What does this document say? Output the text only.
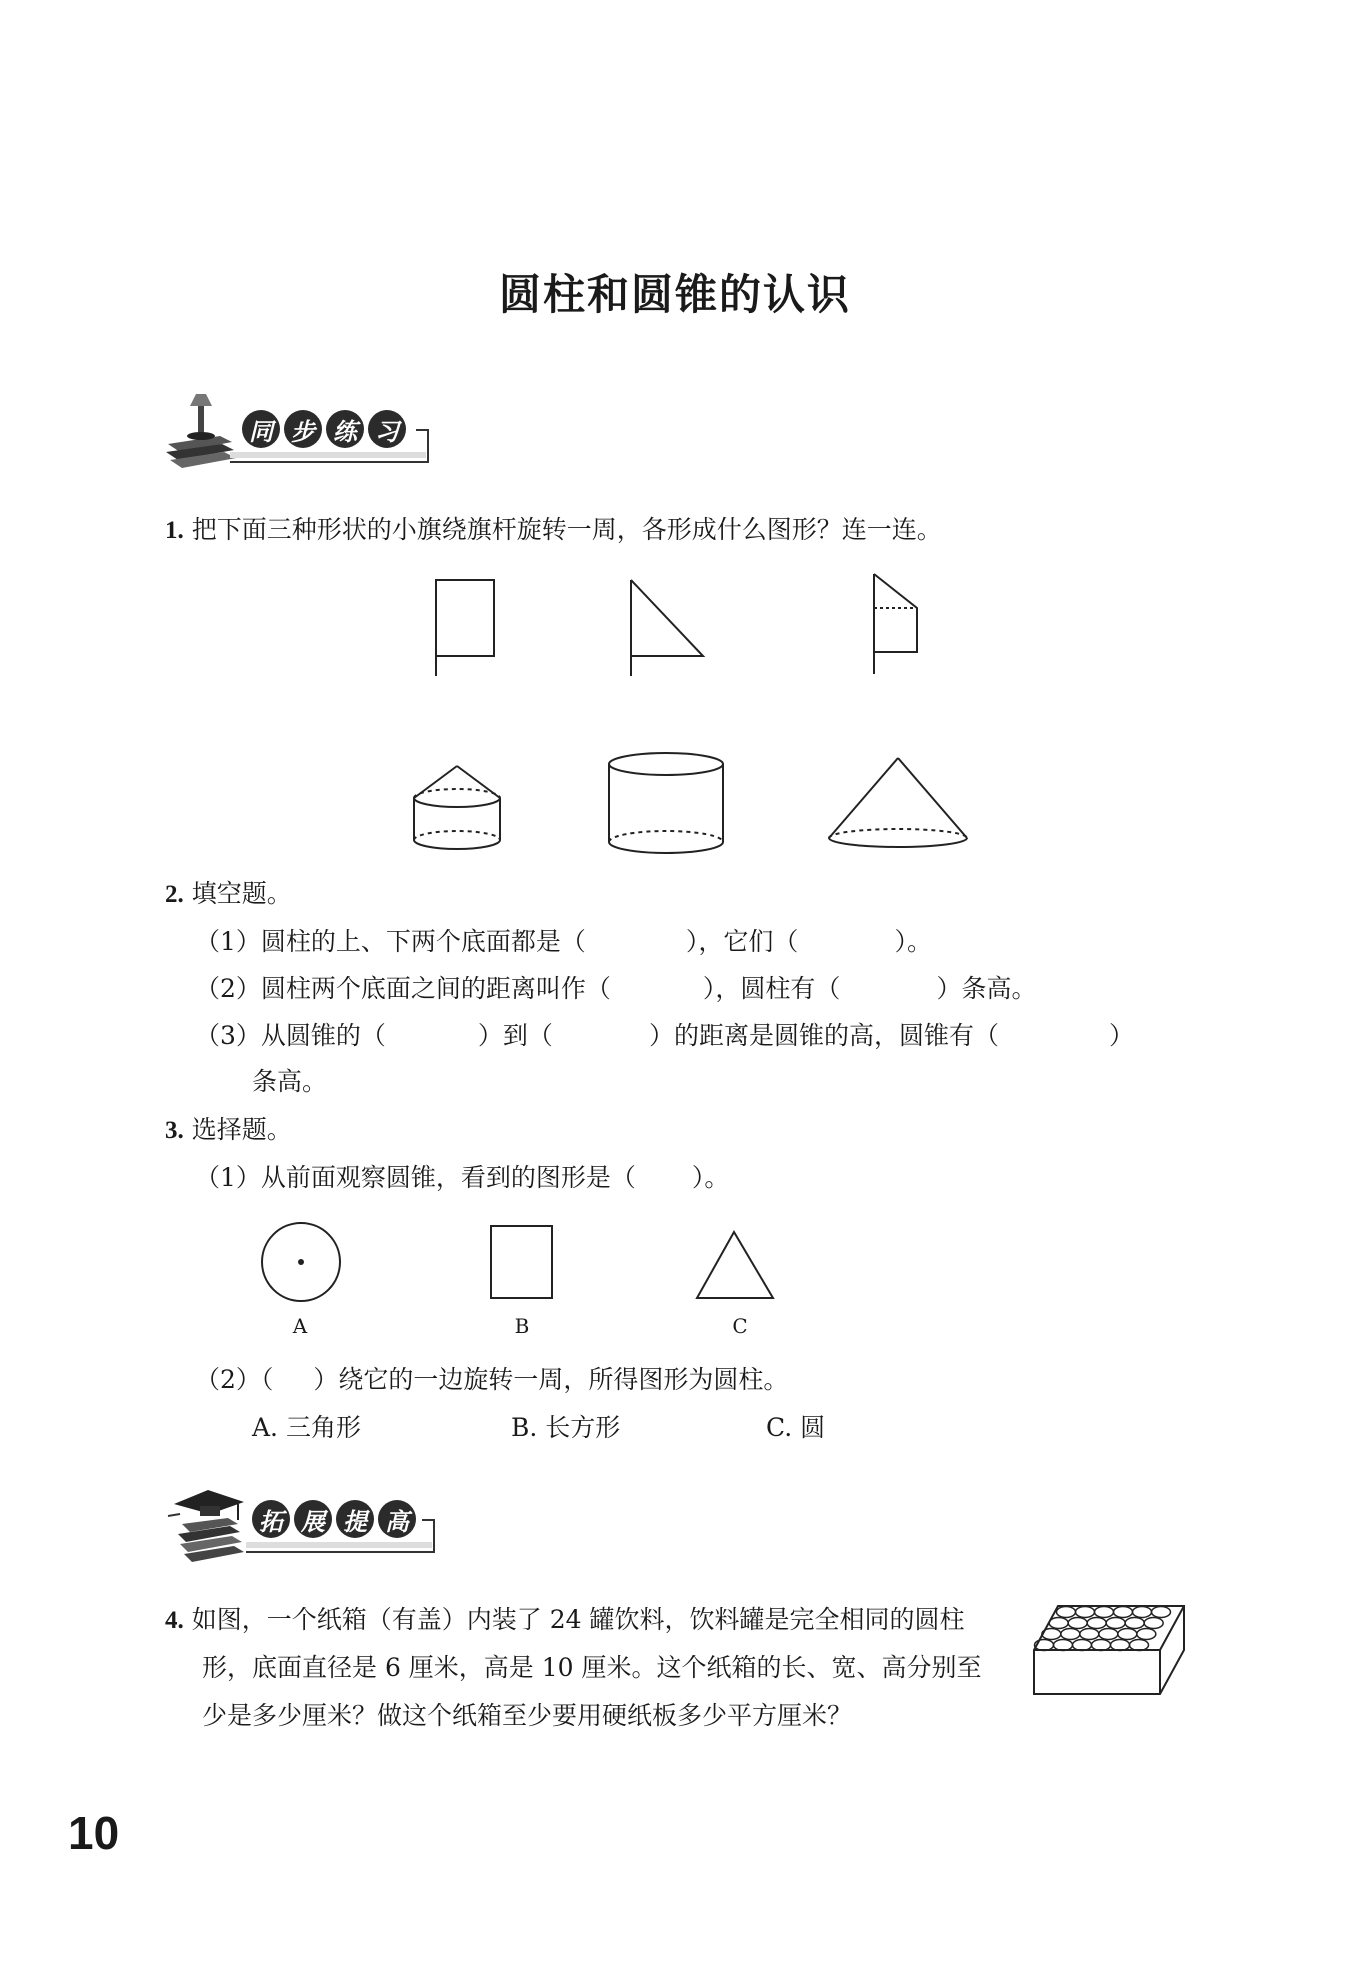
圆柱和圆锥的认识
同 步 练 习
1. 把下面三种形状的小旗绕旗杆旋转一周，各形成什么图形？连一连。
2. 填空题。
（1）圆柱的上、下两个底面都是（	），它们（	）。
（2）圆柱两个底面之间的距离叫作（	），圆柱有（	）条高。
（3）从圆锥的（	）到（	）的距离是圆锥的高，圆锥有（	）
条高。
3. 选择题。
（1）从前面观察圆锥，看到的图形是（ ）。
A	B	C
（2）（ ）绕它的一边旋转一周，所得图形为圆柱。
A. 三角形	B. 长方形	C. 圆
拓 展 提 高
4. 如图，一个纸箱（有盖）内装了 24 罐饮料，饮料罐是完全相同的圆柱
形，底面直径是 6 厘米，高是 10 厘米。这个纸箱的长、宽、高分别至
少是多少厘米？做这个纸箱至少要用硬纸板多少平方厘米？
10
